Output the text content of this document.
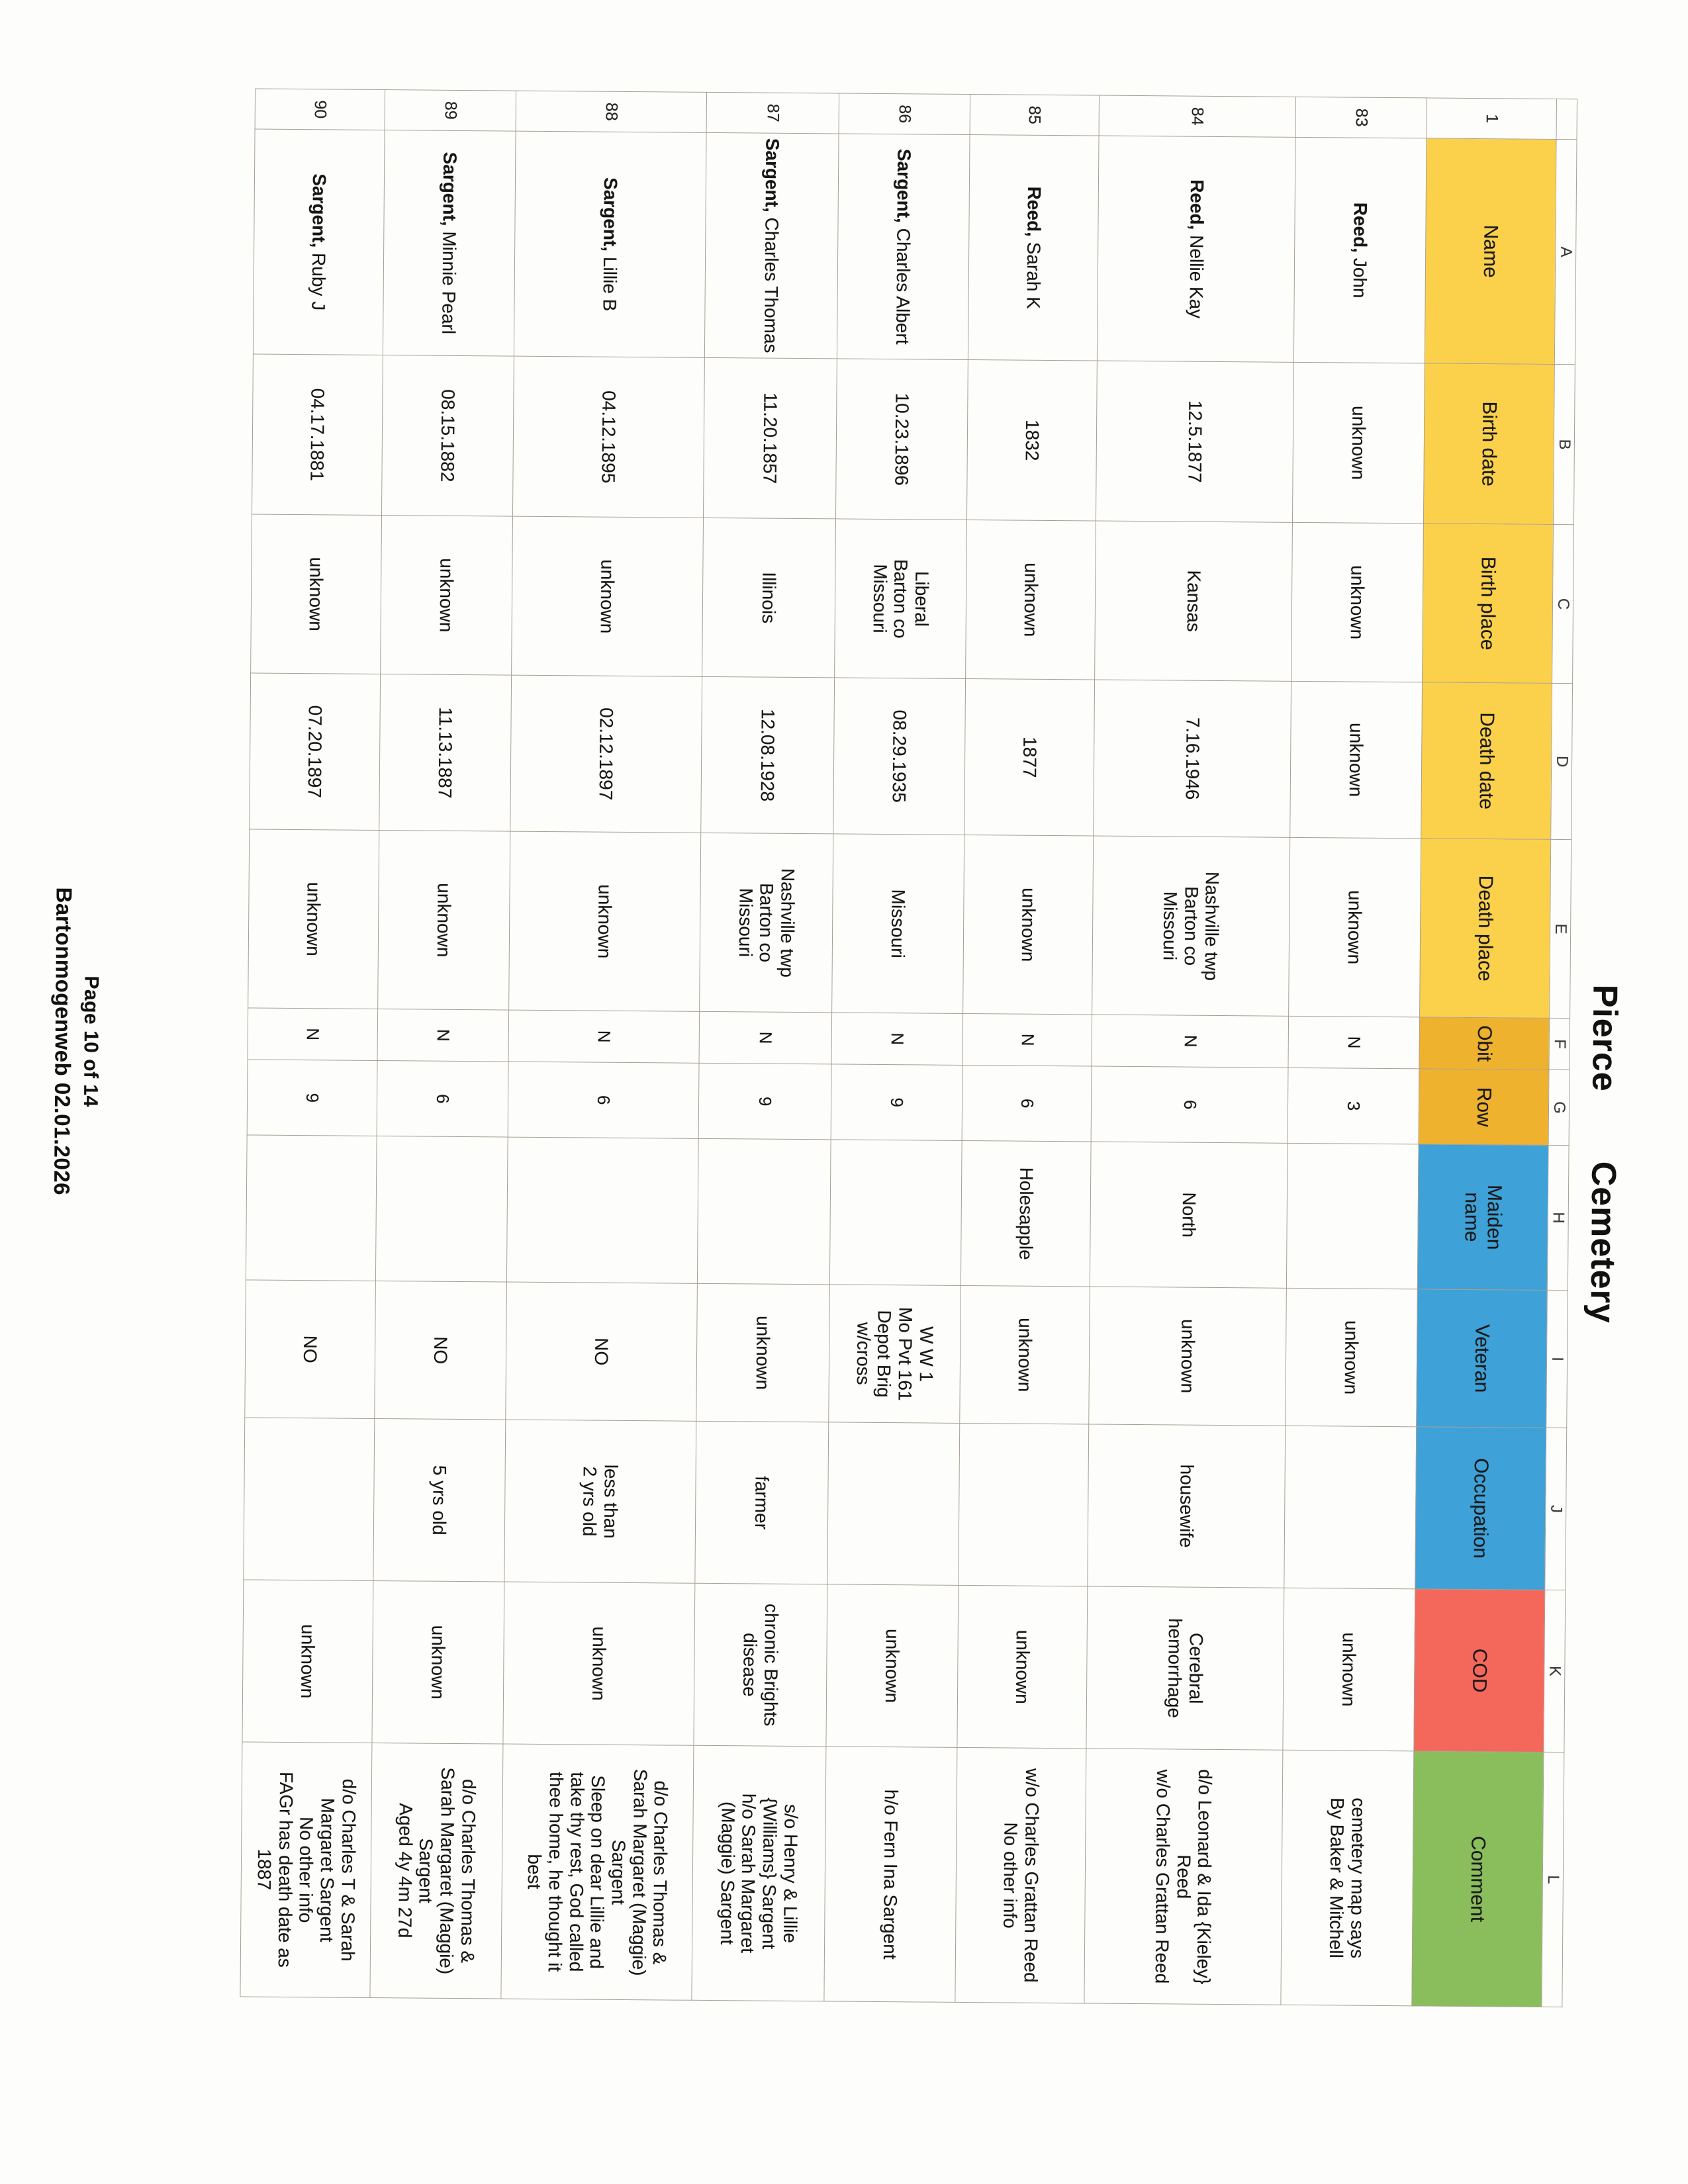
Pierce
Cemetery
A
B
C
D
E
F
G
H
I
J
K
L
1
Name
Birth date
Birth place
Death date
Death place
Obit
Row
Maiden
name
Veteran
Occupation
COD
Comment
83
Reed, John
unknown
unknown
unknown
unknown
N
3
unknown
unknown
cemetery map says
By Baker & Mitchell
84
Reed, Nellie Kay
12.5.1877
Kansas
7.16.1946
Nashville twp
Barton co
Missouri
N
6
North
unknown
housewife
Cerebral
hemorrhage
d/o Leonard & Ida {Kieley}
Reed
w/o Charles Grattan Reed
85
Reed, Sarah K
1832
unknown
1877
unknown
N
6
Holesapple
unknown
unknown
w/o Charles Grattan Reed
No other info
86
Sargent, Charles Albert
10.23.1896
Liberal
Barton co
Missouri
08.29.1935
Missouri
N
9
W W 1
Mo Pvt 161
Depot Brig
w/cross
unknown
h/o Fern Ina Sargent
87
Sargent, Charles Thomas
11.20.1857
Illinois
12.08.1928
Nashville twp
Barton co
Missouri
N
9
unknown
farmer
chronic Brights
disease
s/o Henry & Lillie
{Williams} Sargent
h/o Sarah Margaret
(Maggie) Sargent
88
Sargent, Lillie B
04.12.1895
unknown
02.12.1897
unknown
N
6
NO
less than
2 yrs old
unknown
d/o Charles Thomas &
Sarah Margaret (Maggie)
Sargent
Sleep on dear Lillie and
take thy rest, God called
thee home, he thought it
best
89
Sargent, Minnie Pearl
08.15.1882
unknown
11.13.1887
unknown
N
6
NO
5 yrs old
unknown
d/o Charles Thomas &
Sarah Margaret (Maggie)
Sargent
Aged 4y 4m 27d
90
Sargent, Ruby J
04.17.1881
unknown
07.20.1897
unknown
N
9
NO
unknown
d/o Charles T & Sarah
Margaret Sargent
No other info
FAGr has death date as
1887
Page 10 of 14
Bartonmogenweb 02.01.2026
